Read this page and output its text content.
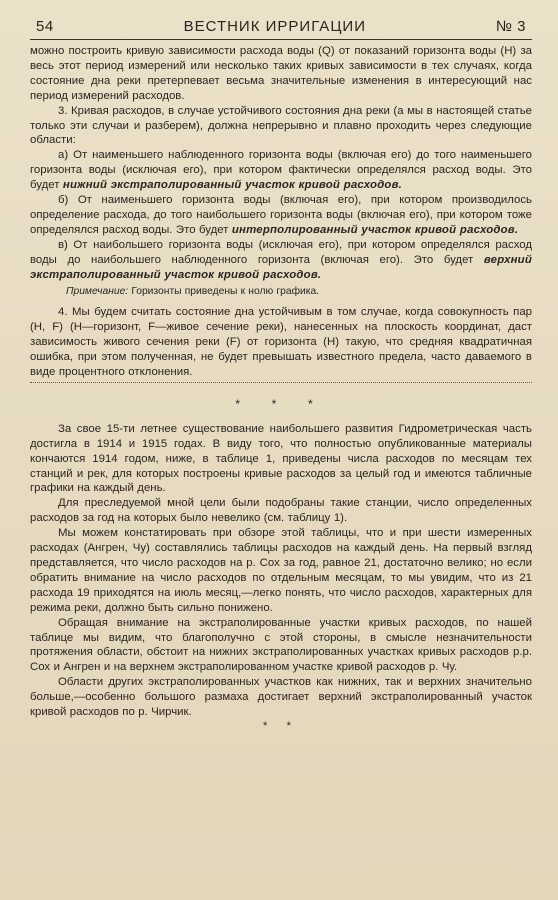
54	ВЕСТНИК ИРРИГАЦИИ	№ 3

можно построить кривую зависимости расхода воды (Q) от показаний горизонта воды (H) за весь этот период измерений или несколько таких кривых зависимости в тех случаях, когда состояние дна реки претерпевает весьма значительные изменения в интересующий нас период измерений расходов.

3. Кривая расходов, в случае устойчивого состояния дна реки (а мы в настоящей статье только эти случаи и разберем), должна непрерывно и плавно проходить через следующие области:

а) От наименьшего наблюденного горизонта воды (включая его) до того наименьшего горизонта воды (исключая его), при котором фактически определялся расход воды. Это будет нижний экстраполированный участок кривой расходов.

б) От наименьшего горизонта воды (включая его), при котором производилось определение расхода, до того наибольшего горизонта воды (включая его), при котором тоже определялся расход воды. Это будет интерполированный участок кривой расходов.

в) От наибольшего горизонта воды (исключая его), при котором определялся расход воды до наибольшего наблюденного горизонта (включая его). Это будет верхний экстраполированный участок кривой расходов.

Примечание: Горизонты приведены к нолю графика.

4. Мы будем считать состояние дна устойчивым в том случае, когда совокупность пар (H, F) (H—горизонт, F—живое сечение реки), нанесенных на плоскость координат, даст зависимость живого сечения реки (F) от горизонта (H) такую, что средняя квадратичная ошибка, при этом полученная, не будет превышать известного предела, часто даваемого в виде процентного отклонения.

* * *

За свое 15-ти летнее существование наибольшего развития Гидрометрическая часть достигла в 1914 и 1915 годах. В виду того, что полностью опубликованные материалы кончаются 1914 годом, ниже, в таблице 1, приведены числа расходов по месяцам тех станций и рек, для которых построены кривые расходов за целый год и имеются табличные графики на каждый день.

Для преследуемой мной цели были подобраны такие станции, число определенных расходов за год на которых было невелико (см. таблицу 1).

Мы можем констатировать при обзоре этой таблицы, что и при шести измеренных расходах (Ангрен, Чу) составлялись таблицы расходов на каждый день. На первый взгляд представляется, что число расходов на р. Сох за год, равное 21, достаточно велико; но если обратить внимание на число расходов по отдельным месяцам, то мы увидим, что из 21 расхода 19 приходятся на июль месяц,—легко понять, что число расходов, характерных для режима реки, должно быть сильно понижено.

Обращая внимание на экстраполированные участки кривых расходов, по нашей таблице мы видим, что благополучно с этой стороны, в смысле незначительности протяжения области, обстоит на нижних экстраполированных участках кривых расходов р.р. Сох и Ангрен и на верхнем экстраполированном участке кривой расходов р. Чу.

Области других экстраполированных участков как нижних, так и верхних значительно больше,—особенно большого размаха достигает верхний экстраполированный участок кривой расходов по р. Чирчик.

* *
